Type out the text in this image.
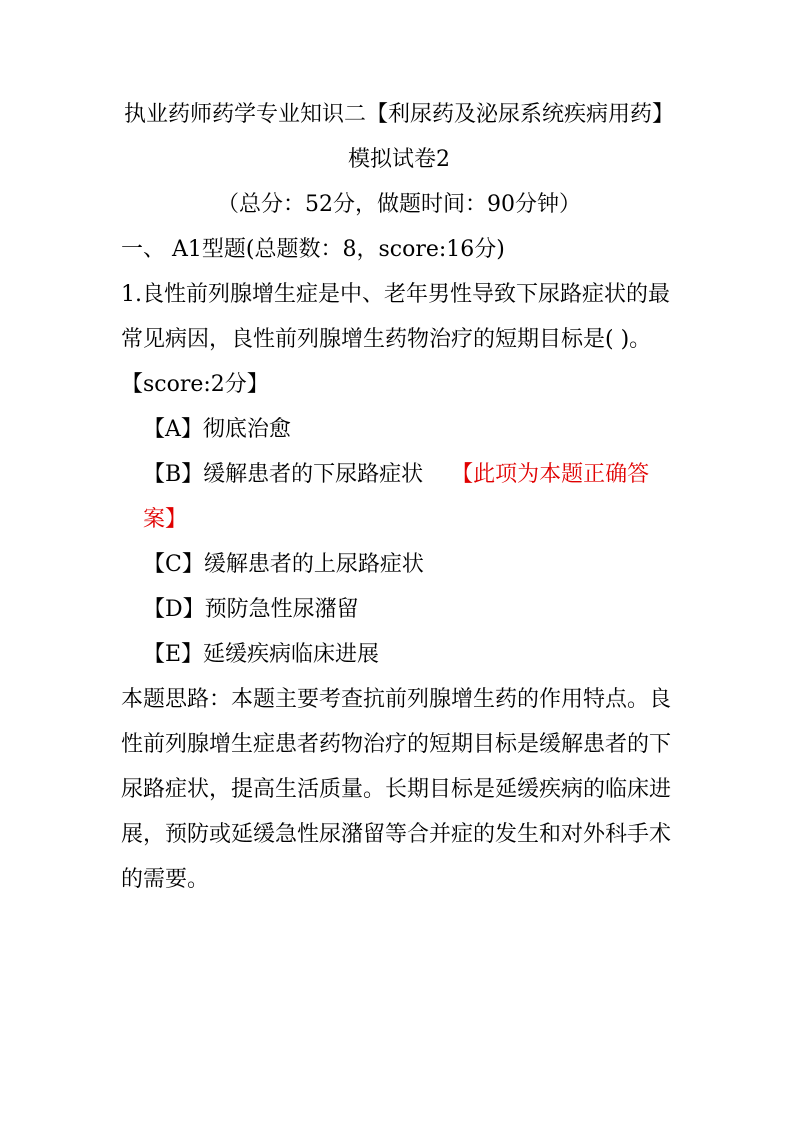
执业药师药学专业知识二【利尿药及泌尿系统疾病用药】模拟试卷2

（总分：52分，做题时间：90分钟）

一、 A1型题(总题数：8，score:16分)

1.良性前列腺增生症是中、老年男性导致下尿路症状的最常见病因，良性前列腺增生药物治疗的短期目标是( )。

【score:2分】

【A】彻底治愈
【B】缓解患者的下尿路症状 【此项为本题正确答案】
【C】缓解患者的上尿路症状
【D】预防急性尿潴留
【E】延缓疾病临床进展

本题思路：本题主要考查抗前列腺增生药的作用特点。良性前列腺增生症患者药物治疗的短期目标是缓解患者的下尿路症状，提高生活质量。长期目标是延缓疾病的临床进展，预防或延缓急性尿潴留等合并症的发生和对外科手术的需要。
